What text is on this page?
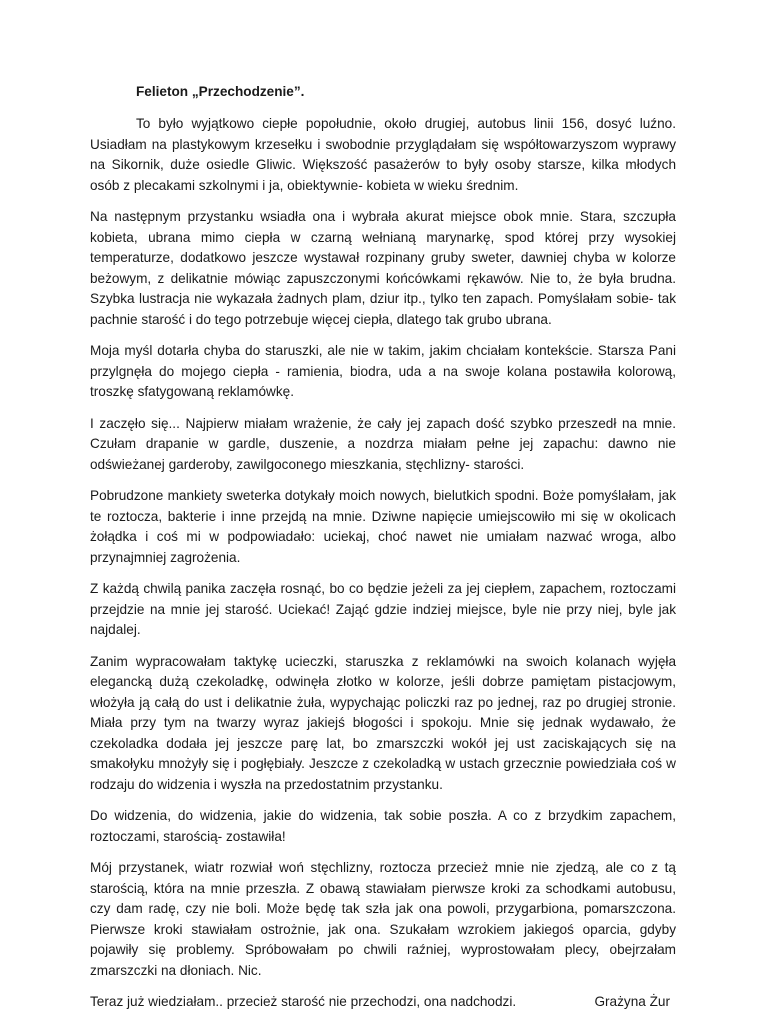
Felieton „Przechodzenie”.

To było wyjątkowo ciepłe popołudnie, około drugiej, autobus linii 156, dosyć luźno. Usiadłam na plastykowym krzesełku i swobodnie przyglądałam się współtowarzyszom wyprawy na Sikornik, duże osiedle Gliwic. Większość pasażerów to były osoby starsze, kilka młodych osób z plecakami szkolnymi i ja, obiektywnie- kobieta w wieku średnim.

Na następnym przystanku wsiadła ona i wybrała akurat miejsce obok mnie. Stara, szczupła kobieta, ubrana mimo ciepła w czarną wełnianą marynarkę, spod której przy wysokiej temperaturze, dodatkowo jeszcze wystawał rozpinany gruby sweter, dawniej chyba w kolorze beżowym, z delikatnie mówiąc zapuszczonymi końcówkami rękawów. Nie to, że była brudna. Szybka lustracja nie wykazała żadnych plam, dziur itp., tylko ten zapach. Pomyślałam sobie- tak pachnie starość i do tego potrzebuje więcej ciepła, dlatego tak grubo ubrana.

Moja myśl dotarła chyba do staruszki, ale nie w takim, jakim chciałam kontekście. Starsza Pani przylgnęła do mojego ciepła - ramienia, biodra, uda a na swoje kolana postawiła kolorową, troszkę sfatygowaną reklamówkę.

I zaczęło się... Najpierw miałam wrażenie, że cały jej zapach dość szybko przeszedł na mnie. Czułam drapanie w gardle, duszenie, a nozdrza miałam pełne jej zapachu: dawno nie odświeżanej garderoby, zawilgoconego mieszkania, stęchlizny- starości.

Pobrudzone mankiety sweterka dotykały moich nowych, bielutkich spodni. Boże pomyślałam, jak te roztocza, bakterie i inne przejdą na mnie. Dziwne napięcie umiejscowiło mi się w okolicach żołądka i coś mi w podpowiadało: uciekaj, choć nawet nie umiałam nazwać wroga, albo przynajmniej zagrożenia.

Z każdą chwilą panika zaczęła rosnąć, bo co będzie jeżeli za jej ciepłem, zapachem, roztoczami przejdzie na mnie jej starość. Uciekać! Zająć gdzie indziej miejsce, byle nie przy niej, byle jak najdalej.

Zanim wypracowałam taktykę ucieczki, staruszka z reklamówki na swoich kolanach wyjęła elegancką dużą czekoladkę, odwinęła złotko w kolorze, jeśli dobrze pamiętam pistacjowym, włożyła ją całą do ust i delikatnie żuła, wypychając policzki raz po jednej, raz po drugiej stronie. Miała przy tym na twarzy wyraz jakiejś błogości i spokoju. Mnie się jednak wydawało, że czekoladka dodała jej jeszcze parę lat, bo zmarszczki wokół jej ust zaciskających się na smakołyku mnożyły się i pogłębiały. Jeszcze z czekoladką w ustach grzecznie powiedziała coś w rodzaju do widzenia i wyszła na przedostatnim przystanku.

Do widzenia, do widzenia, jakie do widzenia, tak sobie poszła. A co z brzydkim zapachem, roztoczami, starością- zostawiła!

Mój przystanek, wiatr rozwiał woń stęchlizny, roztocza przecież mnie nie zjedzą, ale co z tą starością, która na mnie przeszła. Z obawą stawiałam pierwsze kroki za schodkami autobusu, czy dam radę, czy nie boli. Może będę tak szła jak ona powoli, przygarbiona, pomarszczona. Pierwsze kroki stawiałam ostrożnie, jak ona. Szukałam wzrokiem jakiegoś oparcia, gdyby pojawiły się problemy. Spróbowałam po chwili raźniej, wyprostowałam plecy, obejrzałam zmarszczki na dłoniach. Nic.

Teraz już wiedziałam.. przecież starość nie przechodzi, ona nadchodzi.	Grażyna Żur
